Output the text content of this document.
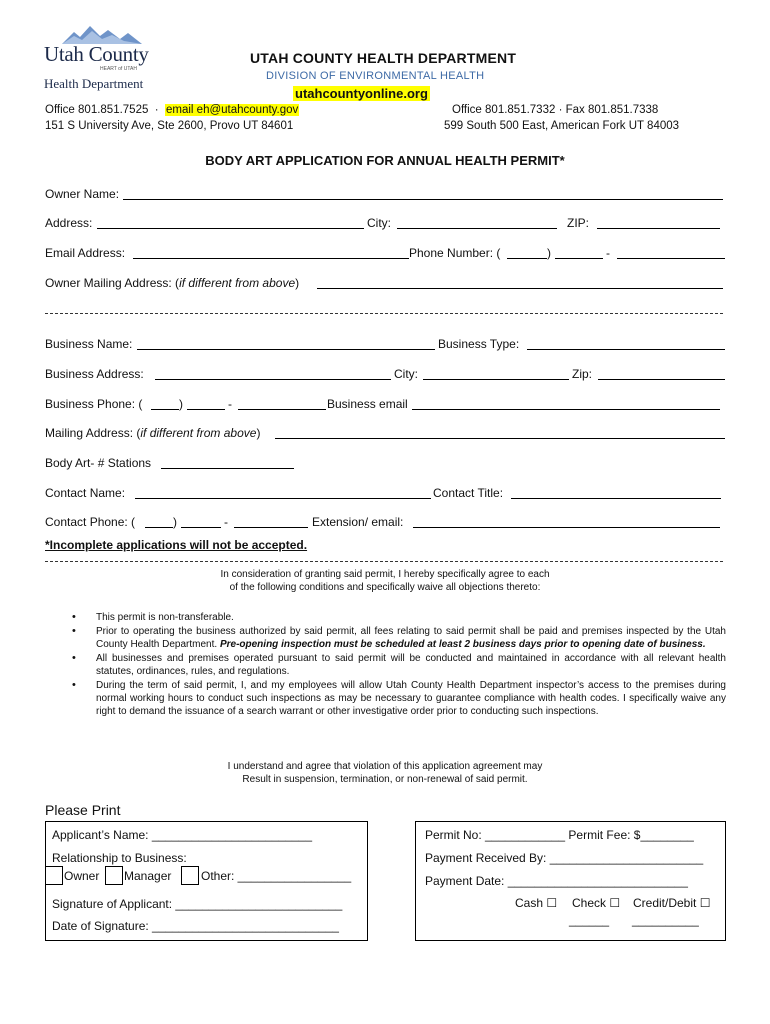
Utah County
HEART of UTAH
Health Department
UTAH COUNTY HEALTH DEPARTMENT
DIVISION OF ENVIRONMENTAL HEALTH
utahcountyonline.org
Office 801.851.7525  ·  email eh@utahcounty.gov
151 S University Ave, Ste 2600, Provo UT 84601
Office 801.851.7332 · Fax 801.851.7338
599 South 500 East, American Fork UT 84003
BODY ART APPLICATION FOR ANNUAL HEALTH PERMIT*
Owner Name:
Address:	City:	ZIP:
Email Address:	Phone Number: (	)	-
Owner Mailing Address: (if different from above)
Business Name:	Business Type:
Business Address:	City:	Zip:
Business Phone: (	)	-	Business email
Mailing Address: (if different from above)
Body Art- # Stations
Contact Name:	Contact Title:
Contact Phone: (	)	-	Extension/ email:
*Incomplete applications will not be accepted.
In consideration of granting said permit, I hereby specifically agree to each
of the following conditions and specifically waive all objections thereto:
• This permit is non-transferable.
• Prior to operating the business authorized by said permit, all fees relating to said permit shall be paid and premises inspected by the Utah County Health Department. Pre-opening inspection must be scheduled at least 2 business days prior to opening date of business.
• All businesses and premises operated pursuant to said permit will be conducted and maintained in accordance with all relevant health statutes, ordinances, rules, and regulations.
• During the term of said permit, I, and my employees will allow Utah County Health Department inspector’s access to the premises during normal working hours to conduct such inspections as may be necessary to guarantee compliance with health codes. I specifically waive any right to demand the issuance of a search warrant or other investigative order prior to conducting such inspections.
I understand and agree that violation of this application agreement may
Result in suspension, termination, or non-renewal of said permit.
Please Print
Applicant’s Name: ________________________
Relationship to Business:
Owner Manager Other: _________________
Signature of Applicant: _________________________
Date of Signature: ____________________________
Permit No: ____________ Permit Fee: $________
Payment Received By: _______________________
Payment Date: ___________________________
Cash ☐ Check ☐ Credit/Debit ☐
______ __________
